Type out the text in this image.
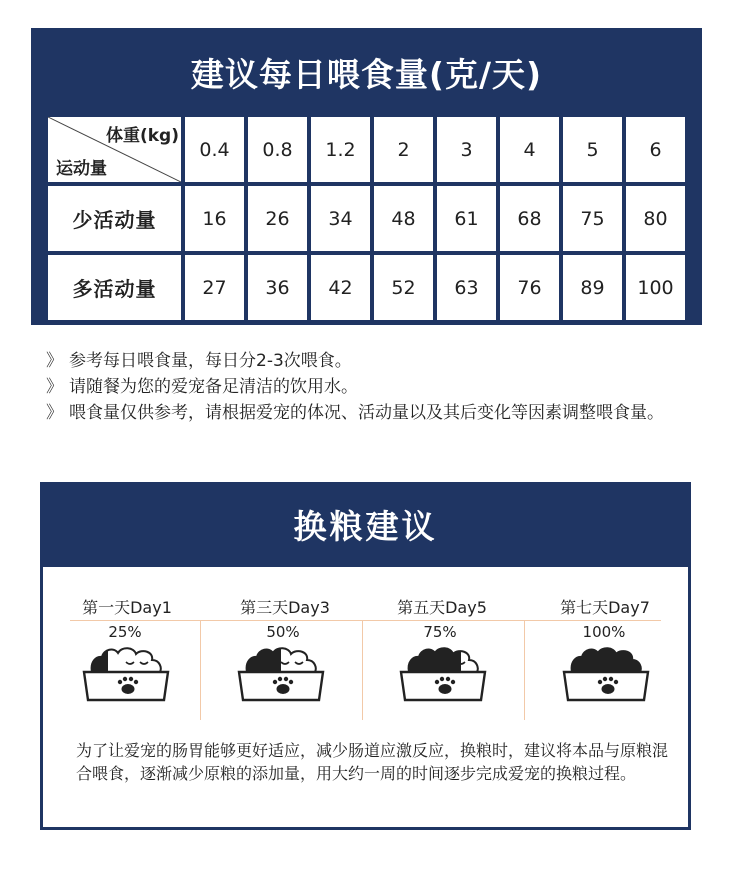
建议每日喂食量(克/天)
体重(kg)
运动量
0.4	0.8	1.2	2	3	4	5	6
少活动量	16	26	34	48	61	68	75	80
多活动量	27	36	42	52	63	76	89	100
》 参考每日喂食量，每日分2-3次喂食。
》 请随餐为您的爱宠备足清洁的饮用水。
》 喂食量仅供参考，请根据爱宠的体况、活动量以及其后变化等因素调整喂食量。
换粮建议
第一天Day1	第三天Day3	第五天Day5	第七天Day7
25%	50%	75%	100%
为了让爱宠的肠胃能够更好适应，减少肠道应激反应，换粮时，建议将本品与原粮混合喂食，逐渐减少原粮的添加量，用大约一周的时间逐步完成爱宠的换粮过程。
